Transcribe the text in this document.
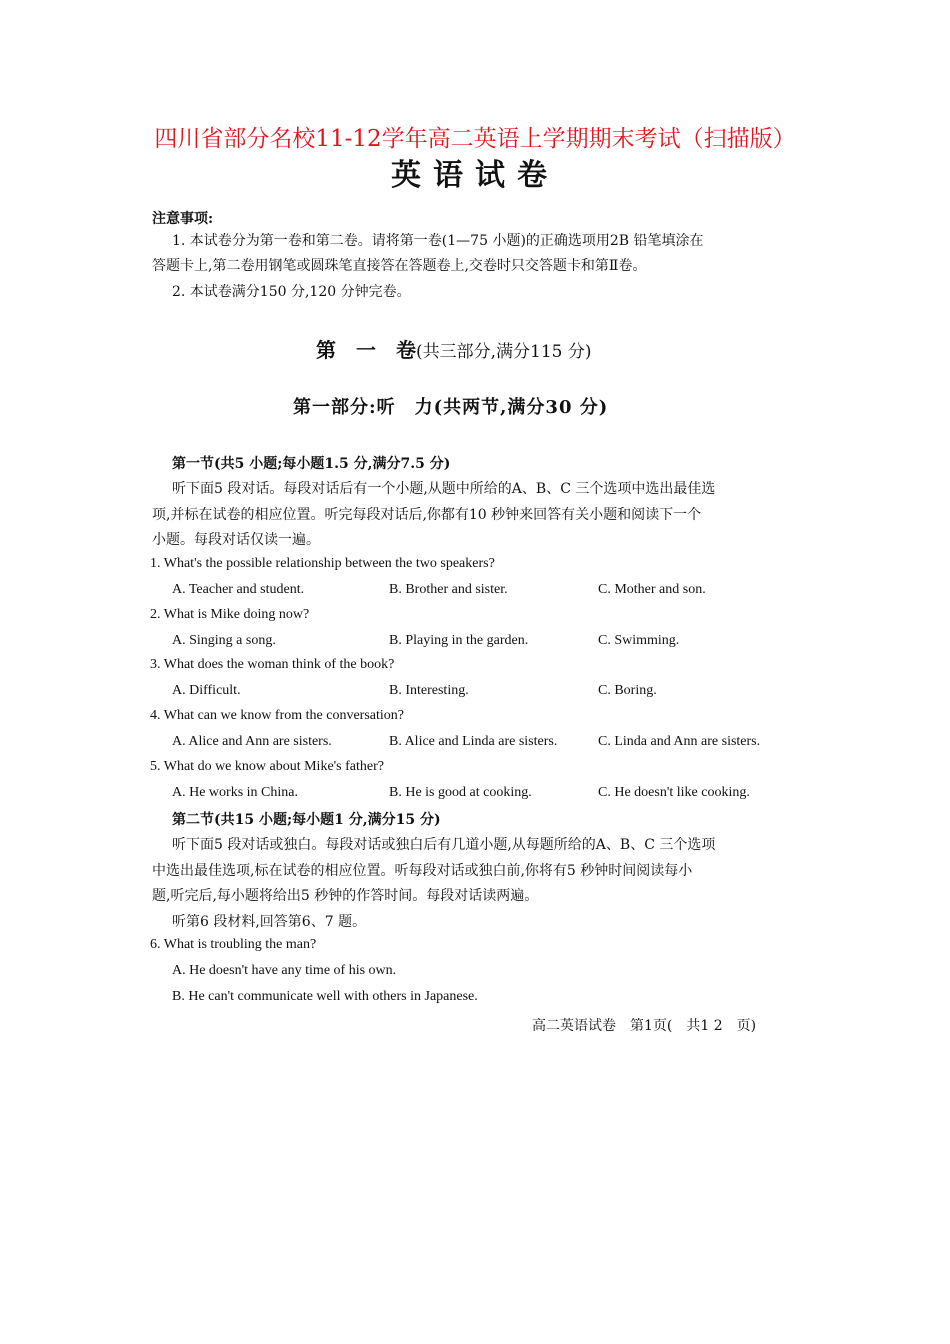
四川省部分名校11-12学年高二英语上学期期末考试（扫描版）
英语试卷
注意事项:
1. 本试卷分为第一卷和第二卷。请将第一卷(1—75 小题)的正确选项用2B 铅笔填涂在
答题卡上,第二卷用钢笔或圆珠笔直接答在答题卷上,交卷时只交答题卡和第Ⅱ卷。
2. 本试卷满分150 分,120 分钟完卷。
第　一　卷(共三部分,满分115 分)
第一部分:听　力(共两节,满分30 分)
第一节(共5 小题;每小题1.5 分,满分7.5 分)
听下面5 段对话。每段对话后有一个小题,从题中所给的A、B、C 三个选项中选出最佳选
项,并标在试卷的相应位置。听完每段对话后,你都有10 秒钟来回答有关小题和阅读下一个
小题。每段对话仅读一遍。
1. What's the possible relationship between the two speakers?
A. Teacher and student.	B. Brother and sister.	C. Mother and son.
2. What is Mike doing now?
A. Singing a song.	B. Playing in the garden.	C. Swimming.
3. What does the woman think of the book?
A. Difficult.	B. Interesting.	C. Boring.
4. What can we know from the conversation?
A. Alice and Ann are sisters.	B. Alice and Linda are sisters.	C. Linda and Ann are sisters.
5. What do we know about Mike's father?
A. He works in China.	B. He is good at cooking.	C. He doesn't like cooking.
第二节(共15 小题;每小题1 分,满分15 分)
听下面5 段对话或独白。每段对话或独白后有几道小题,从每题所给的A、B、C 三个选项
中选出最佳选项,标在试卷的相应位置。听每段对话或独白前,你将有5 秒钟时间阅读每小
题,听完后,每小题将给出5 秒钟的作答时间。每段对话读两遍。
听第6 段材料,回答第6、7 题。
6. What is troubling the man?
A. He doesn't have any time of his own.
B. He can't communicate well with others in Japanese.
高二英语试卷　第1页(　共1 2　页)
